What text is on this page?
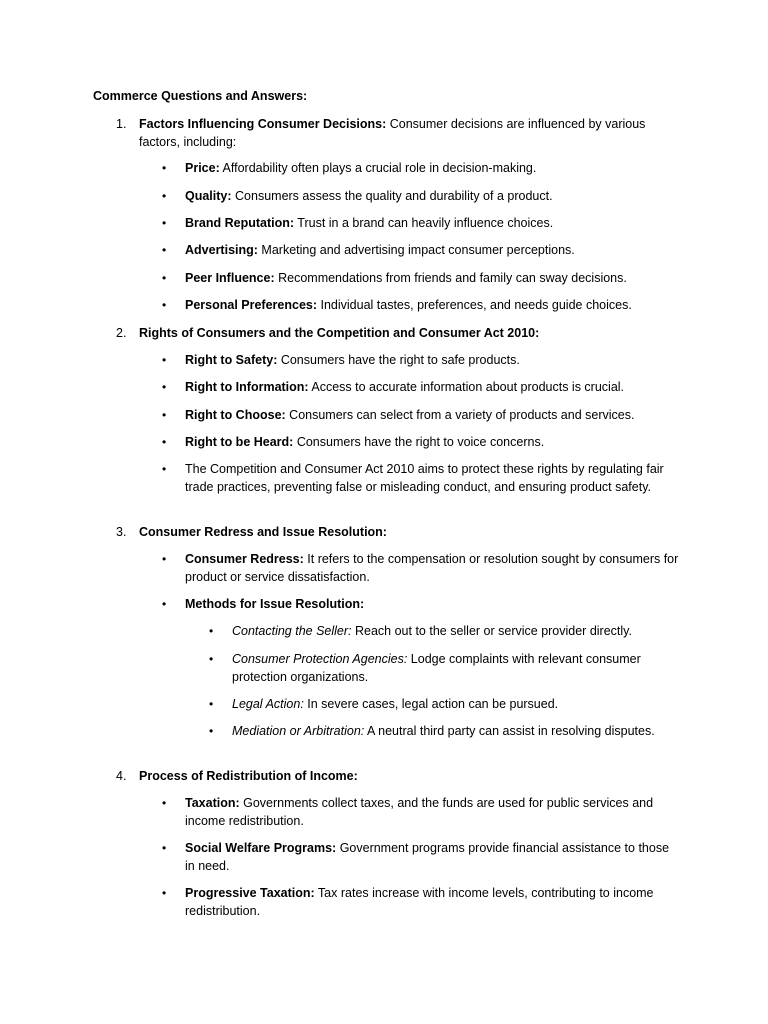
Commerce Questions and Answers:
1. Factors Influencing Consumer Decisions: Consumer decisions are influenced by various factors, including:
• Price: Affordability often plays a crucial role in decision-making.
• Quality: Consumers assess the quality and durability of a product.
• Brand Reputation: Trust in a brand can heavily influence choices.
• Advertising: Marketing and advertising impact consumer perceptions.
• Peer Influence: Recommendations from friends and family can sway decisions.
• Personal Preferences: Individual tastes, preferences, and needs guide choices.
2. Rights of Consumers and the Competition and Consumer Act 2010:
• Right to Safety: Consumers have the right to safe products.
• Right to Information: Access to accurate information about products is crucial.
• Right to Choose: Consumers can select from a variety of products and services.
• Right to be Heard: Consumers have the right to voice concerns.
• The Competition and Consumer Act 2010 aims to protect these rights by regulating fair trade practices, preventing false or misleading conduct, and ensuring product safety.
3. Consumer Redress and Issue Resolution:
• Consumer Redress: It refers to the compensation or resolution sought by consumers for product or service dissatisfaction.
• Methods for Issue Resolution:
• Contacting the Seller: Reach out to the seller or service provider directly.
• Consumer Protection Agencies: Lodge complaints with relevant consumer protection organizations.
• Legal Action: In severe cases, legal action can be pursued.
• Mediation or Arbitration: A neutral third party can assist in resolving disputes.
4. Process of Redistribution of Income:
• Taxation: Governments collect taxes, and the funds are used for public services and income redistribution.
• Social Welfare Programs: Government programs provide financial assistance to those in need.
• Progressive Taxation: Tax rates increase with income levels, contributing to income redistribution.
